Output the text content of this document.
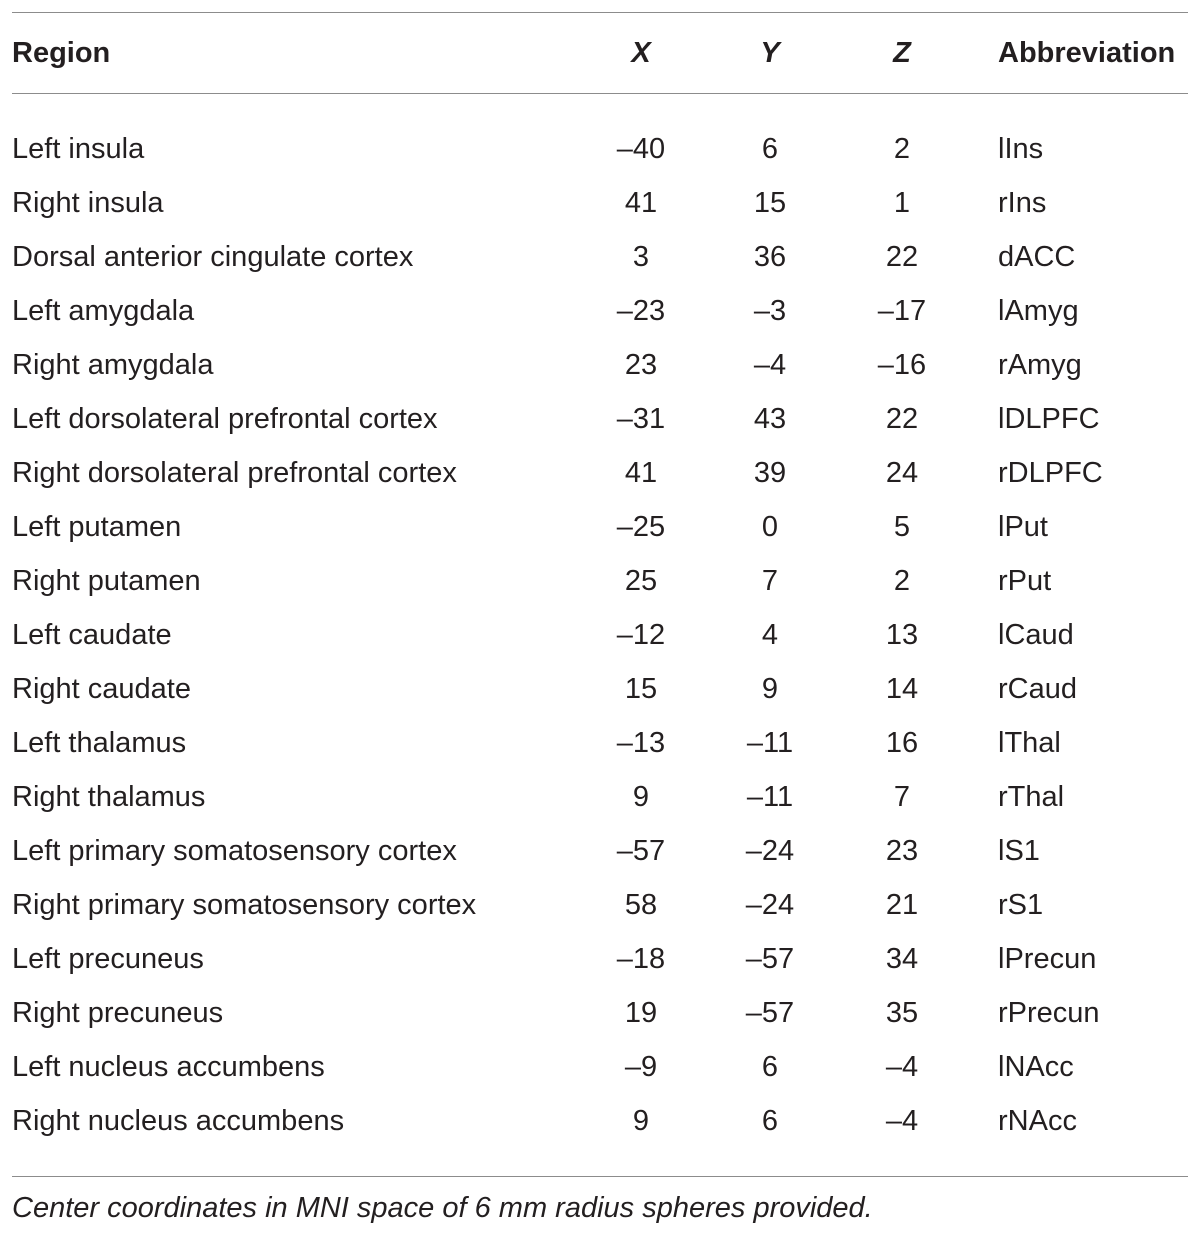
Region	X	Y	Z	Abbreviation
Left insula	–40	6	2	lIns
Right insula	41	15	1	rIns
Dorsal anterior cingulate cortex	3	36	22	dACC
Left amygdala	–23	–3	–17	lAmyg
Right amygdala	23	–4	–16	rAmyg
Left dorsolateral prefrontal cortex	–31	43	22	lDLPFC
Right dorsolateral prefrontal cortex	41	39	24	rDLPFC
Left putamen	–25	0	5	lPut
Right putamen	25	7	2	rPut
Left caudate	–12	4	13	lCaud
Right caudate	15	9	14	rCaud
Left thalamus	–13	–11	16	lThal
Right thalamus	9	–11	7	rThal
Left primary somatosensory cortex	–57	–24	23	lS1
Right primary somatosensory cortex	58	–24	21	rS1
Left precuneus	–18	–57	34	lPrecun
Right precuneus	19	–57	35	rPrecun
Left nucleus accumbens	–9	6	–4	lNAcc
Right nucleus accumbens	9	6	–4	rNAcc
Center coordinates in MNI space of 6 mm radius spheres provided.				
